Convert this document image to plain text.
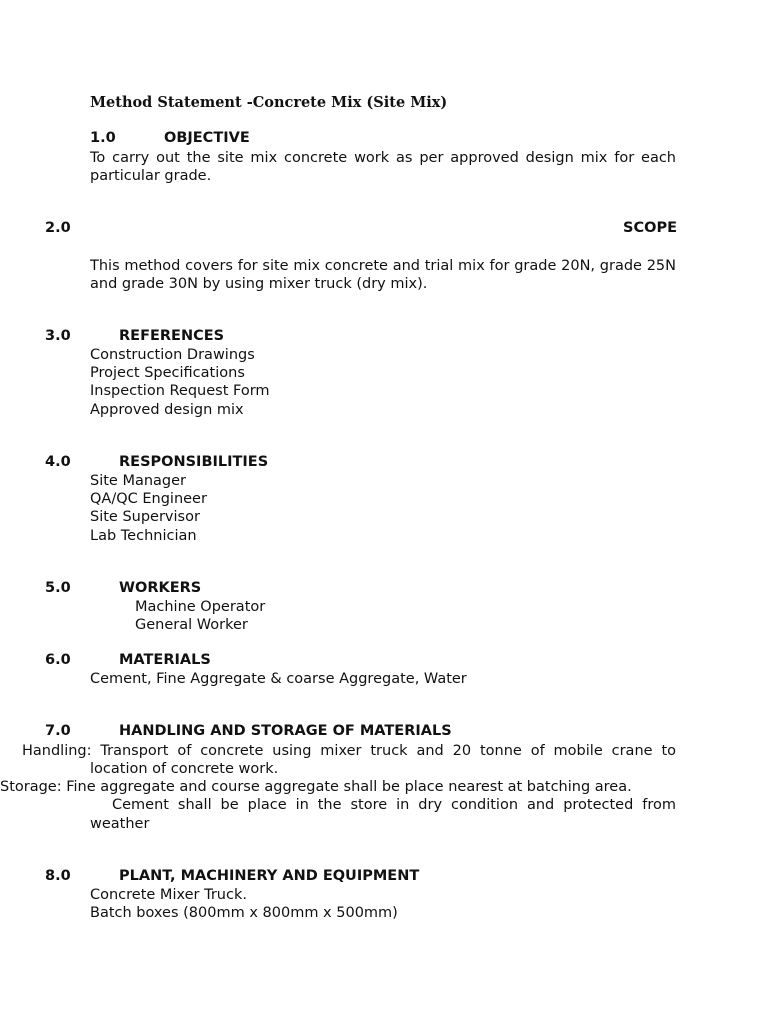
Method Statement -Concrete Mix (Site Mix)
1.0	OBJECTIVE
To carry out the site mix concrete work as per approved design mix for each particular grade.
2.0	SCOPE
This method covers for site mix concrete and trial mix for grade 20N, grade 25N and grade 30N by using mixer truck (dry mix).
3.0	REFERENCES
Construction Drawings
Project Specifications
Inspection Request Form
Approved design mix
4.0	RESPONSIBILITIES
Site Manager
QA/QC Engineer
Site Supervisor
Lab Technician
5.0	WORKERS
Machine Operator
General Worker
6.0	MATERIALS
Cement, Fine Aggregate & coarse Aggregate, Water
7.0	HANDLING AND STORAGE OF MATERIALS
Handling: Transport of concrete using mixer truck and 20 tonne of mobile crane to
location of concrete work.
Storage: Fine aggregate and course aggregate shall be place nearest at batching area.
Cement shall be place in the store in dry condition and protected from
weather
8.0	PLANT, MACHINERY AND EQUIPMENT
Concrete Mixer Truck.
Batch boxes (800mm x 800mm x 500mm)
